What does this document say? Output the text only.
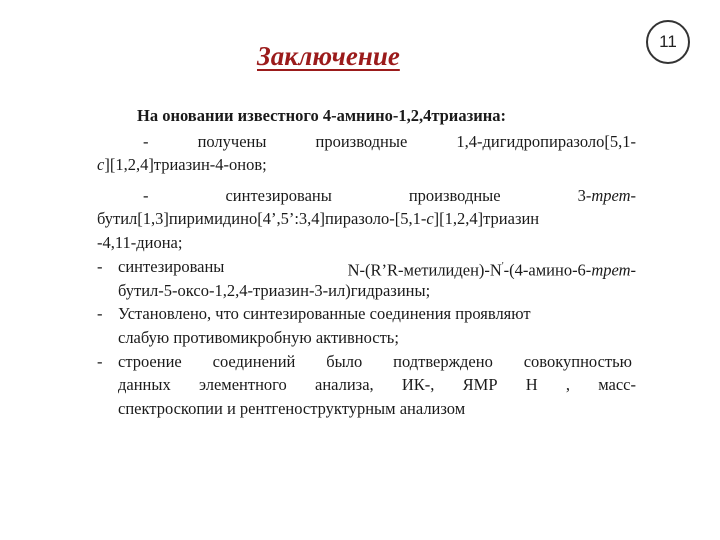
Заключение	11
На оновании известного 4-амнино-1,2,4триазина:
-	получены	производные	1,4-дигидропиразоло[5,1-
c][1,2,4]триазин-4-онов;
-	синтезированы	производные	3-трет-
бутил[1,3]пиримидино[4’,5’:3,4]пиразоло-[5,1-c][1,2,4]триазин
-4,11-диона;
- синтезированы	N-(R’R-метилиден)-N'-(4-амино-6-трет-
бутил-5-оксо-1,2,4-триазин-3-ил)гидразины;
- Установлено, что синтезированные соединения проявляют
слабую противомикробную активность;
- строение соединений было подтверждено совокупностью
данных элементного анализа, ИК-, ЯМР Н , масс-
спектроскопии и рентгеноструктурным анализом
